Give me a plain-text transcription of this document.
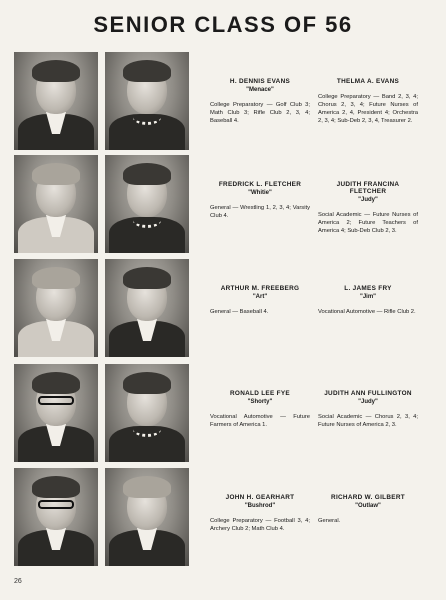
SENIOR CLASS OF 56
H. DENNIS EVANS
"Menace"
College Preparatory — Golf Club 3; Math Club 3; Rifle Club 2, 3, 4; Baseball 4.
THELMA A. EVANS
College Preparatory — Band 2, 3, 4; Chorus 2, 3, 4; Future Nurses of America 2, 4, President 4; Orchestra 2, 3, 4; Sub-Deb 2, 3, 4, Treasurer 2.
FREDRICK L. FLETCHER
"Whitie"
General — Wrestling 1, 2, 3, 4; Varsity Club 4.
JUDITH FRANCINA FLETCHER
"Judy"
Social Academic — Future Nurses of America 2; Future Teachers of America 4; Sub-Deb Club 2, 3.
ARTHUR M. FREEBERG
"Art"
General — Baseball 4.
L. JAMES FRY
"Jim"
Vocational Automotive — Rifle Club 2.
RONALD LEE FYE
"Shorty"
Vocational Automotive — Future Farmers of America 1.
JUDITH ANN FULLINGTON
"Judy"
Social Academic — Chorus 2, 3, 4; Future Nurses of America 2, 3.
JOHN H. GEARHART
"Bushrod"
College Preparatory — Football 3, 4; Archery Club 2; Math Club 4.
RICHARD W. GILBERT
"Outlaw"
General.
26
